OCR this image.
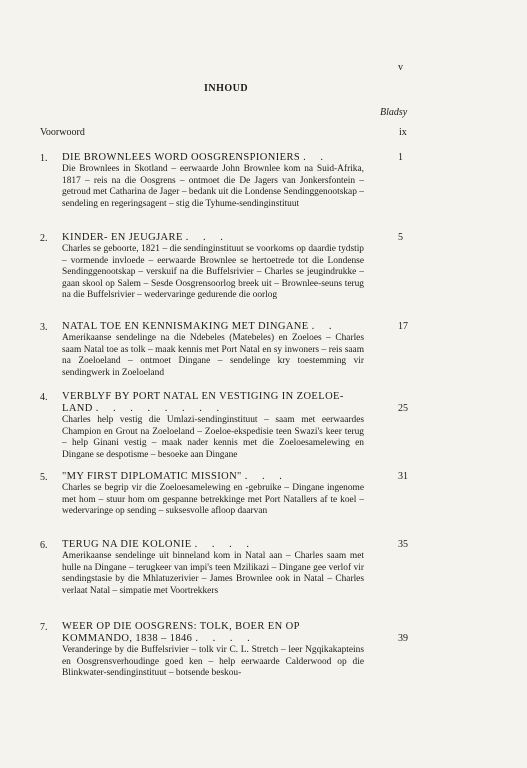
v
INHOUD
Bladsy
Voorwoord	ix
1. DIE BROWNLEES WORD OOSGRENSPIONIERS . .	1
Die Brownlees in Skotland – eerwaarde John Brownlee kom na Suid-Afrika, 1817 – reis na die Oosgrens – ontmoet die De Jagers van Jonkersfontein – getroud met Catharina de Jager – bedank uit die Londense Sendinggenootskap – sendeling en regeringsagent – stig die Tyhume-sendinginstituut
2. KINDER- EN JEUGJARE . . .	5
Charles se geboorte, 1821 – die sendinginstituut se voorkoms op daardie tydstip – vormende invloede – eerwaarde Brownlee se hertoetrede tot die Londense Sendinggenootskap – verskuif na die Buffelsrivier – Charles se jeugindrukke – gaan skool op Salem – Sesde Oosgrensoorlog breek uit – Brownlee-seuns terug na die Buffelsrivier – wedervaringe gedurende die oorlog
3. NATAL TOE EN KENNISMAKING MET DINGANE . .	17
Amerikaanse sendelinge na die Ndebeles (Matebeles) en Zoeloes – Charles saam Natal toe as tolk – maak kennis met Port Natal en sy inwoners – reis saam na Zoeloeland – ontmoet Dingane – sendelinge kry toestemming vir sendingwerk in Zoeloeland
4. VERBLYF BY PORT NATAL EN VESTIGING IN ZOELOE-LAND . . . . . . . .	25
Charles help vestig die Umlazi-sendinginstituut – saam met eerwaardes Champion en Grout na Zoeloeland – Zoeloe-ekspedisie teen Swazi's keer terug – help Ginani vestig – maak nader kennis met die Zoeloesamelewing en Dingane se despotisme – besoeke aan Dingane
5. "MY FIRST DIPLOMATIC MISSION" . . .	31
Charles se begrip vir die Zoeloesamelewing en -gebruike – Dingane ingenome met hom – stuur hom om gespanne betrekkinge met Port Natallers af te koel – wedervaringe op sending – suksesvolle afloop daarvan
6. TERUG NA DIE KOLONIE . . . .	35
Amerikaanse sendelinge uit binneland kom in Natal aan – Charles saam met hulle na Dingane – terugkeer van impi's teen Mzilikazi – Dingane gee verlof vir sendingstasie by die Mhlatuzerivier – James Brownlee ook in Natal – Charles verlaat Natal – simpatie met Voortrekkers
7. WEER OP DIE OOSGRENS: TOLK, BOER EN OP KOMMANDO, 1838 – 1846 . . . .	39
Veranderinge by die Buffelsrivier – tolk vir C. L. Stretch – leer Ngqikakapteins en Oosgrensverhoudinge goed ken – help eerwaarde Calderwood op die Blinkwater-sendinginstituut – botsende beskou-
